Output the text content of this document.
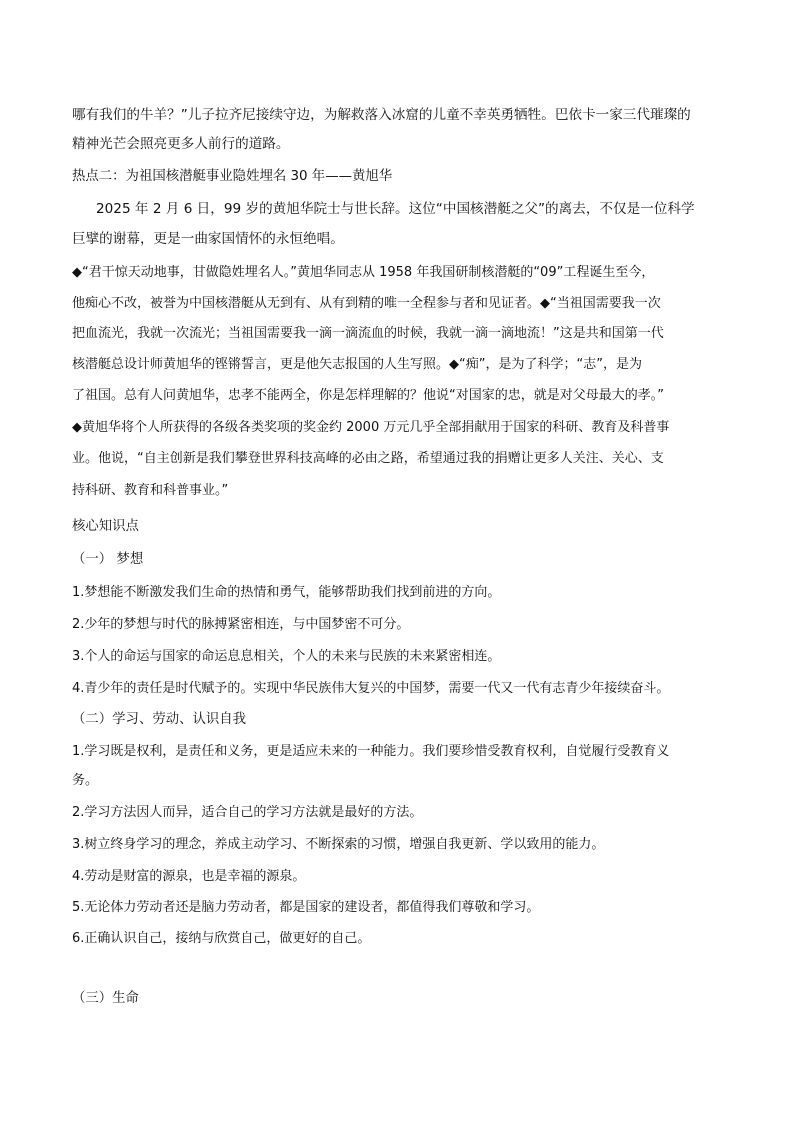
哪有我们的牛羊？”儿子拉齐尼接续守边，为解救落入冰窟的儿童不幸英勇牺牲。巴依卡一家三代璀璨的
精神光芒会照亮更多人前行的道路。
热点二：为祖国核潜艇事业隐姓埋名 30 年——黄旭华
2025 年 2 月 6 日，99 岁的黄旭华院士与世长辞。这位“中国核潜艇之父”的离去，不仅是一位科学
巨擘的谢幕，更是一曲家国情怀的永恒绝唱。
◆“君干惊天动地事，甘做隐姓埋名人。”黄旭华同志从 1958 年我国研制核潜艇的“09”工程诞生至今，
他痴心不改，被誉为中国核潜艇从无到有、从有到精的唯一全程参与者和见证者。◆“当祖国需要我一次
把血流光，我就一次流光；当祖国需要我一滴一滴流血的时候，我就一滴一滴地流！”这是共和国第一代
核潜艇总设计师黄旭华的铿锵誓言，更是他矢志报国的人生写照。◆“痴”，是为了科学；“志”，是为
了祖国。总有人问黄旭华，忠孝不能两全，你是怎样理解的？他说“对国家的忠，就是对父母最大的孝。”
◆黄旭华将个人所获得的各级各类奖项的奖金约 2000 万元几乎全部捐献用于国家的科研、教育及科普事
业。他说，“自主创新是我们攀登世界科技高峰的必由之路，希望通过我的捐赠让更多人关注、关心、支
持科研、教育和科普事业。”
核心知识点
（一） 梦想
1.梦想能不断激发我们生命的热情和勇气，能够帮助我们找到前进的方向。
2.少年的梦想与时代的脉搏紧密相连，与中国梦密不可分。
3.个人的命运与国家的命运息息相关，个人的未来与民族的未来紧密相连。
4.青少年的责任是时代赋予的。实现中华民族伟大复兴的中国梦，需要一代又一代有志青少年接续奋斗。
（二）学习、劳动、认识自我
1.学习既是权利，是责任和义务，更是适应未来的一种能力。我们要珍惜受教育权利，自觉履行受教育义
务。
2.学习方法因人而异，适合自己的学习方法就是最好的方法。
3.树立终身学习的理念，养成主动学习、不断探索的习惯，增强自我更新、学以致用的能力。
4.劳动是财富的源泉，也是幸福的源泉。
5.无论体力劳动者还是脑力劳动者，都是国家的建设者，都值得我们尊敬和学习。
6.正确认识自己，接纳与欣赏自己，做更好的自己。
（三）生命
